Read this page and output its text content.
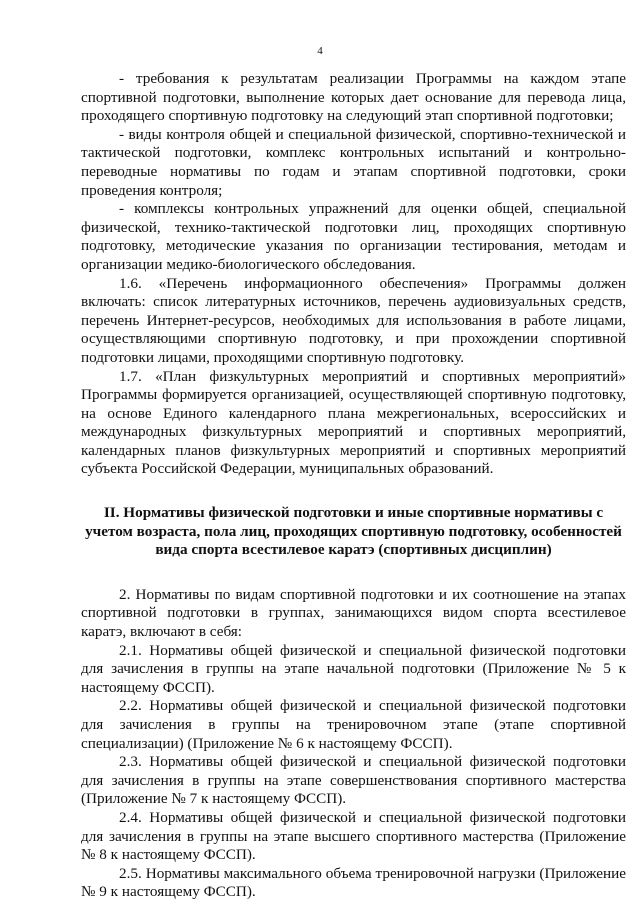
4

- требования к результатам реализации Программы на каждом этапе спортивной подготовки, выполнение которых дает основание для перевода лица, проходящего спортивную подготовку на следующий этап спортивной подготовки;

- виды контроля общей и специальной физической, спортивно-технической и тактической подготовки, комплекс контрольных испытаний и контрольно-переводные нормативы по годам и этапам спортивной подготовки, сроки проведения контроля;

- комплексы контрольных упражнений для оценки общей, специальной физической, технико-тактической подготовки лиц, проходящих спортивную подготовку, методические указания по организации тестирования, методам и организации медико-биологического обследования.

1.6. «Перечень информационного обеспечения» Программы должен включать: список литературных источников, перечень аудиовизуальных средств, перечень Интернет-ресурсов, необходимых для использования в работе лицами, осуществляющими спортивную подготовку, и при прохождении спортивной подготовки лицами, проходящими спортивную подготовку.

1.7. «План физкультурных мероприятий и спортивных мероприятий» Программы формируется организацией, осуществляющей спортивную подготовку, на основе Единого календарного плана межрегиональных, всероссийских и международных физкультурных мероприятий и спортивных мероприятий, календарных планов физкультурных мероприятий и спортивных мероприятий субъекта Российской Федерации, муниципальных образований.

II. Нормативы физической подготовки и иные спортивные нормативы с
учетом возраста, пола лиц, проходящих спортивную подготовку, особенностей
вида спорта всестилевое каратэ (спортивных дисциплин)

2. Нормативы по видам спортивной подготовки и их соотношение на этапах спортивной подготовки в группах, занимающихся видом спорта всестилевое каратэ, включают в себя:

2.1. Нормативы общей физической и специальной физической подготовки для зачисления в группы на этапе начальной подготовки (Приложение № 5 к настоящему ФССП).

2.2. Нормативы общей физической и специальной физической подготовки для зачисления в группы на тренировочном этапе (этапе спортивной специализации) (Приложение № 6 к настоящему ФССП).

2.3. Нормативы общей физической и специальной физической подготовки для зачисления в группы на этапе совершенствования спортивного мастерства (Приложение № 7 к настоящему ФССП).

2.4. Нормативы общей физической и специальной физической подготовки для зачисления в группы на этапе высшего спортивного мастерства (Приложение № 8 к настоящему ФССП).

2.5. Нормативы максимального объема тренировочной нагрузки (Приложение № 9 к настоящему ФССП).
